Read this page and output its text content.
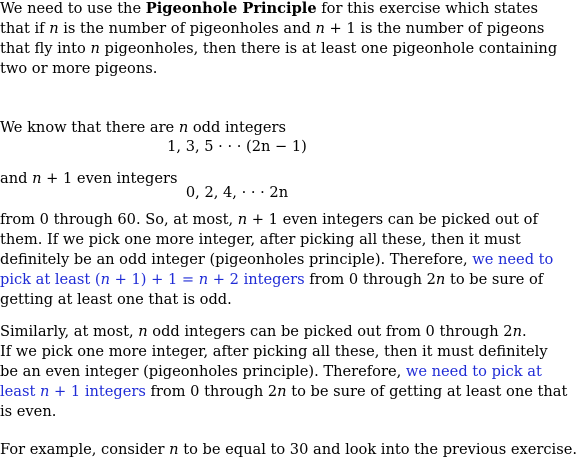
We need to use the Pigeonhole Principle for this exercise which states
that if n is the number of pigeonholes and n + 1 is the number of pigeons
that fly into n pigeonholes, then there is at least one pigeonhole containing
two or more pigeons.
We know that there are n odd integers
1, 3, 5 · · · (2n − 1)
and n + 1 even integers
0, 2, 4, · · · 2n
from 0 through 60. So, at most, n + 1 even integers can be picked out of
them. If we pick one more integer, after picking all these, then it must
definitely be an odd integer (pigeonholes principle). Therefore, we need to
pick at least (n + 1) + 1 = n + 2 integers from 0 through 2n to be sure of
getting at least one that is odd.
Similarly, at most, n odd integers can be picked out from 0 through 2n.
If we pick one more integer, after picking all these, then it must definitely
be an even integer (pigeonholes principle). Therefore, we need to pick at
least n + 1 integers from 0 through 2n to be sure of getting at least one that
is even.
For example, consider n to be equal to 30 and look into the previous exercise.
